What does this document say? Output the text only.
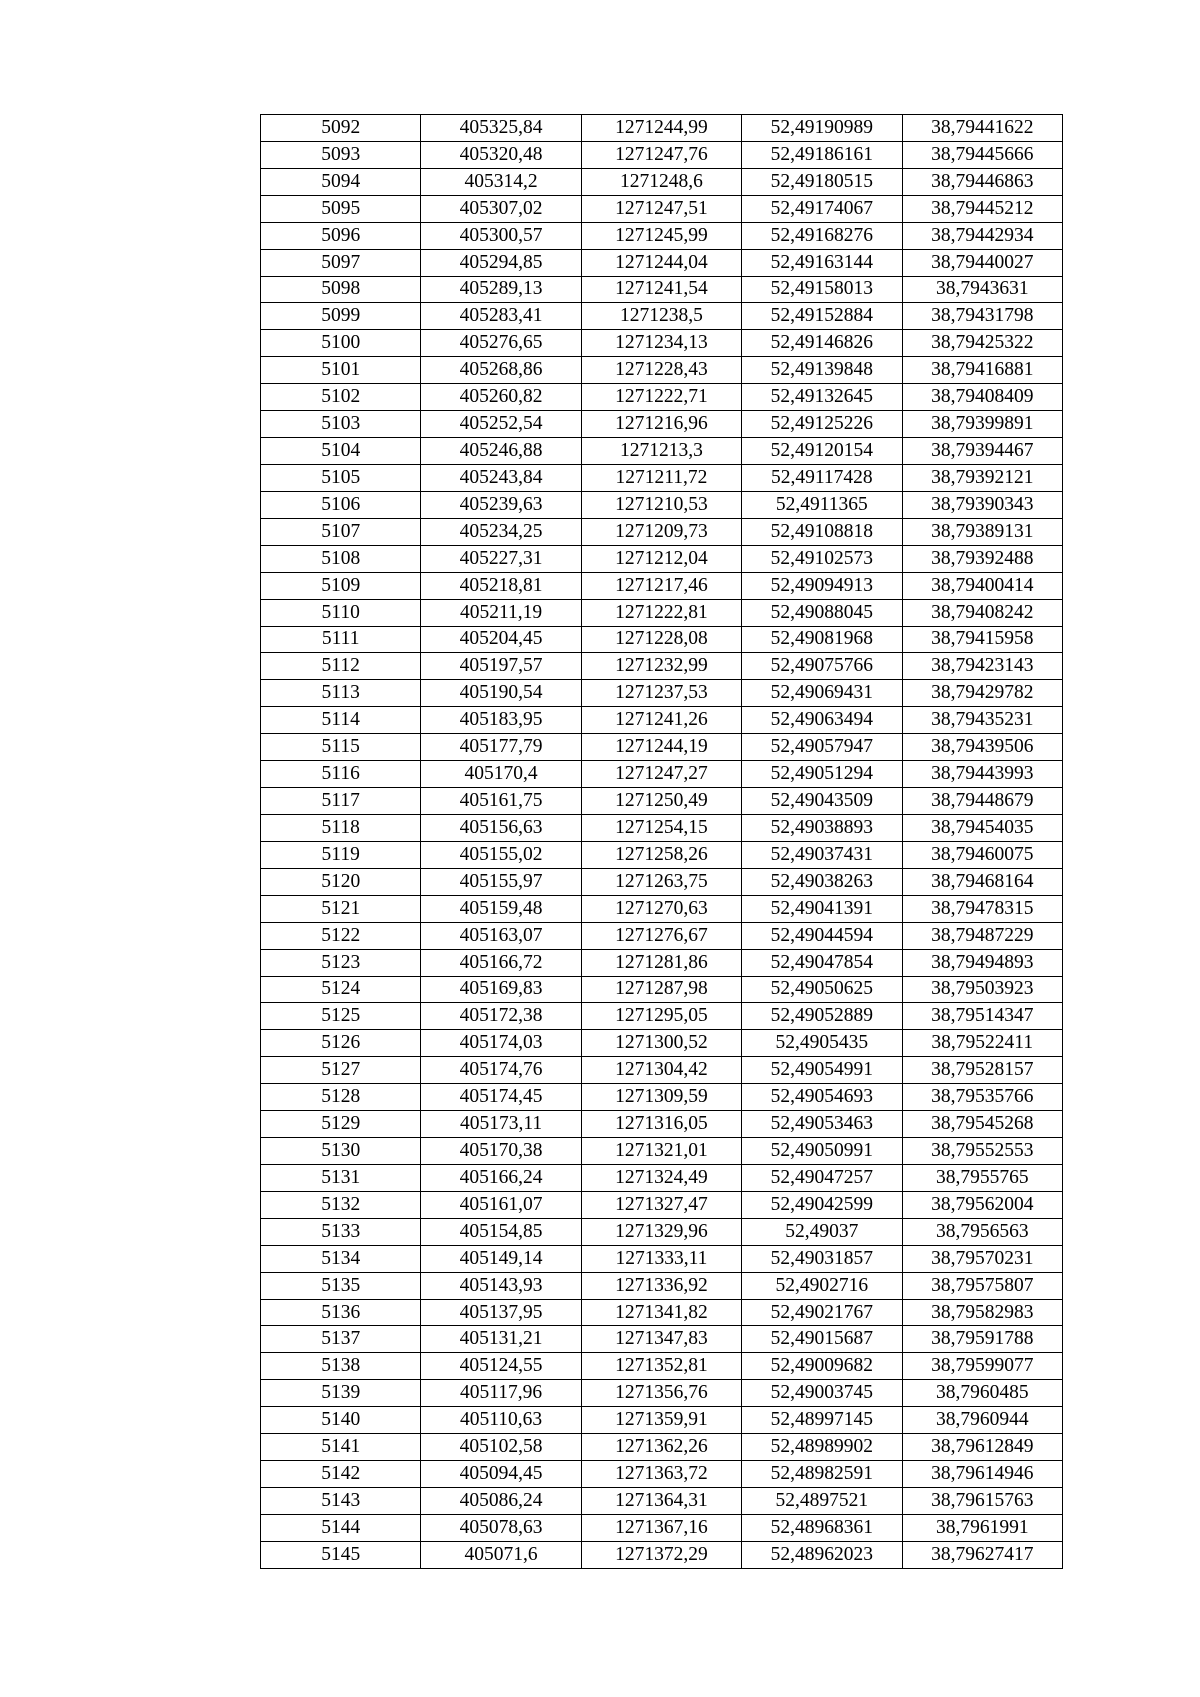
5092	405325,84	1271244,99	52,49190989	38,79441622
5093	405320,48	1271247,76	52,49186161	38,79445666
5094	405314,2	1271248,6	52,49180515	38,79446863
5095	405307,02	1271247,51	52,49174067	38,79445212
5096	405300,57	1271245,99	52,49168276	38,79442934
5097	405294,85	1271244,04	52,49163144	38,79440027
5098	405289,13	1271241,54	52,49158013	38,7943631
5099	405283,41	1271238,5	52,49152884	38,79431798
5100	405276,65	1271234,13	52,49146826	38,79425322
5101	405268,86	1271228,43	52,49139848	38,79416881
5102	405260,82	1271222,71	52,49132645	38,79408409
5103	405252,54	1271216,96	52,49125226	38,79399891
5104	405246,88	1271213,3	52,49120154	38,79394467
5105	405243,84	1271211,72	52,49117428	38,79392121
5106	405239,63	1271210,53	52,4911365	38,79390343
5107	405234,25	1271209,73	52,49108818	38,79389131
5108	405227,31	1271212,04	52,49102573	38,79392488
5109	405218,81	1271217,46	52,49094913	38,79400414
5110	405211,19	1271222,81	52,49088045	38,79408242
5111	405204,45	1271228,08	52,49081968	38,79415958
5112	405197,57	1271232,99	52,49075766	38,79423143
5113	405190,54	1271237,53	52,49069431	38,79429782
5114	405183,95	1271241,26	52,49063494	38,79435231
5115	405177,79	1271244,19	52,49057947	38,79439506
5116	405170,4	1271247,27	52,49051294	38,79443993
5117	405161,75	1271250,49	52,49043509	38,79448679
5118	405156,63	1271254,15	52,49038893	38,79454035
5119	405155,02	1271258,26	52,49037431	38,79460075
5120	405155,97	1271263,75	52,49038263	38,79468164
5121	405159,48	1271270,63	52,49041391	38,79478315
5122	405163,07	1271276,67	52,49044594	38,79487229
5123	405166,72	1271281,86	52,49047854	38,79494893
5124	405169,83	1271287,98	52,49050625	38,79503923
5125	405172,38	1271295,05	52,49052889	38,79514347
5126	405174,03	1271300,52	52,4905435	38,79522411
5127	405174,76	1271304,42	52,49054991	38,79528157
5128	405174,45	1271309,59	52,49054693	38,79535766
5129	405173,11	1271316,05	52,49053463	38,79545268
5130	405170,38	1271321,01	52,49050991	38,79552553
5131	405166,24	1271324,49	52,49047257	38,7955765
5132	405161,07	1271327,47	52,49042599	38,79562004
5133	405154,85	1271329,96	52,49037	38,7956563
5134	405149,14	1271333,11	52,49031857	38,79570231
5135	405143,93	1271336,92	52,4902716	38,79575807
5136	405137,95	1271341,82	52,49021767	38,79582983
5137	405131,21	1271347,83	52,49015687	38,79591788
5138	405124,55	1271352,81	52,49009682	38,79599077
5139	405117,96	1271356,76	52,49003745	38,7960485
5140	405110,63	1271359,91	52,48997145	38,7960944
5141	405102,58	1271362,26	52,48989902	38,79612849
5142	405094,45	1271363,72	52,48982591	38,79614946
5143	405086,24	1271364,31	52,4897521	38,79615763
5144	405078,63	1271367,16	52,48968361	38,7961991
5145	405071,6	1271372,29	52,48962023	38,79627417
